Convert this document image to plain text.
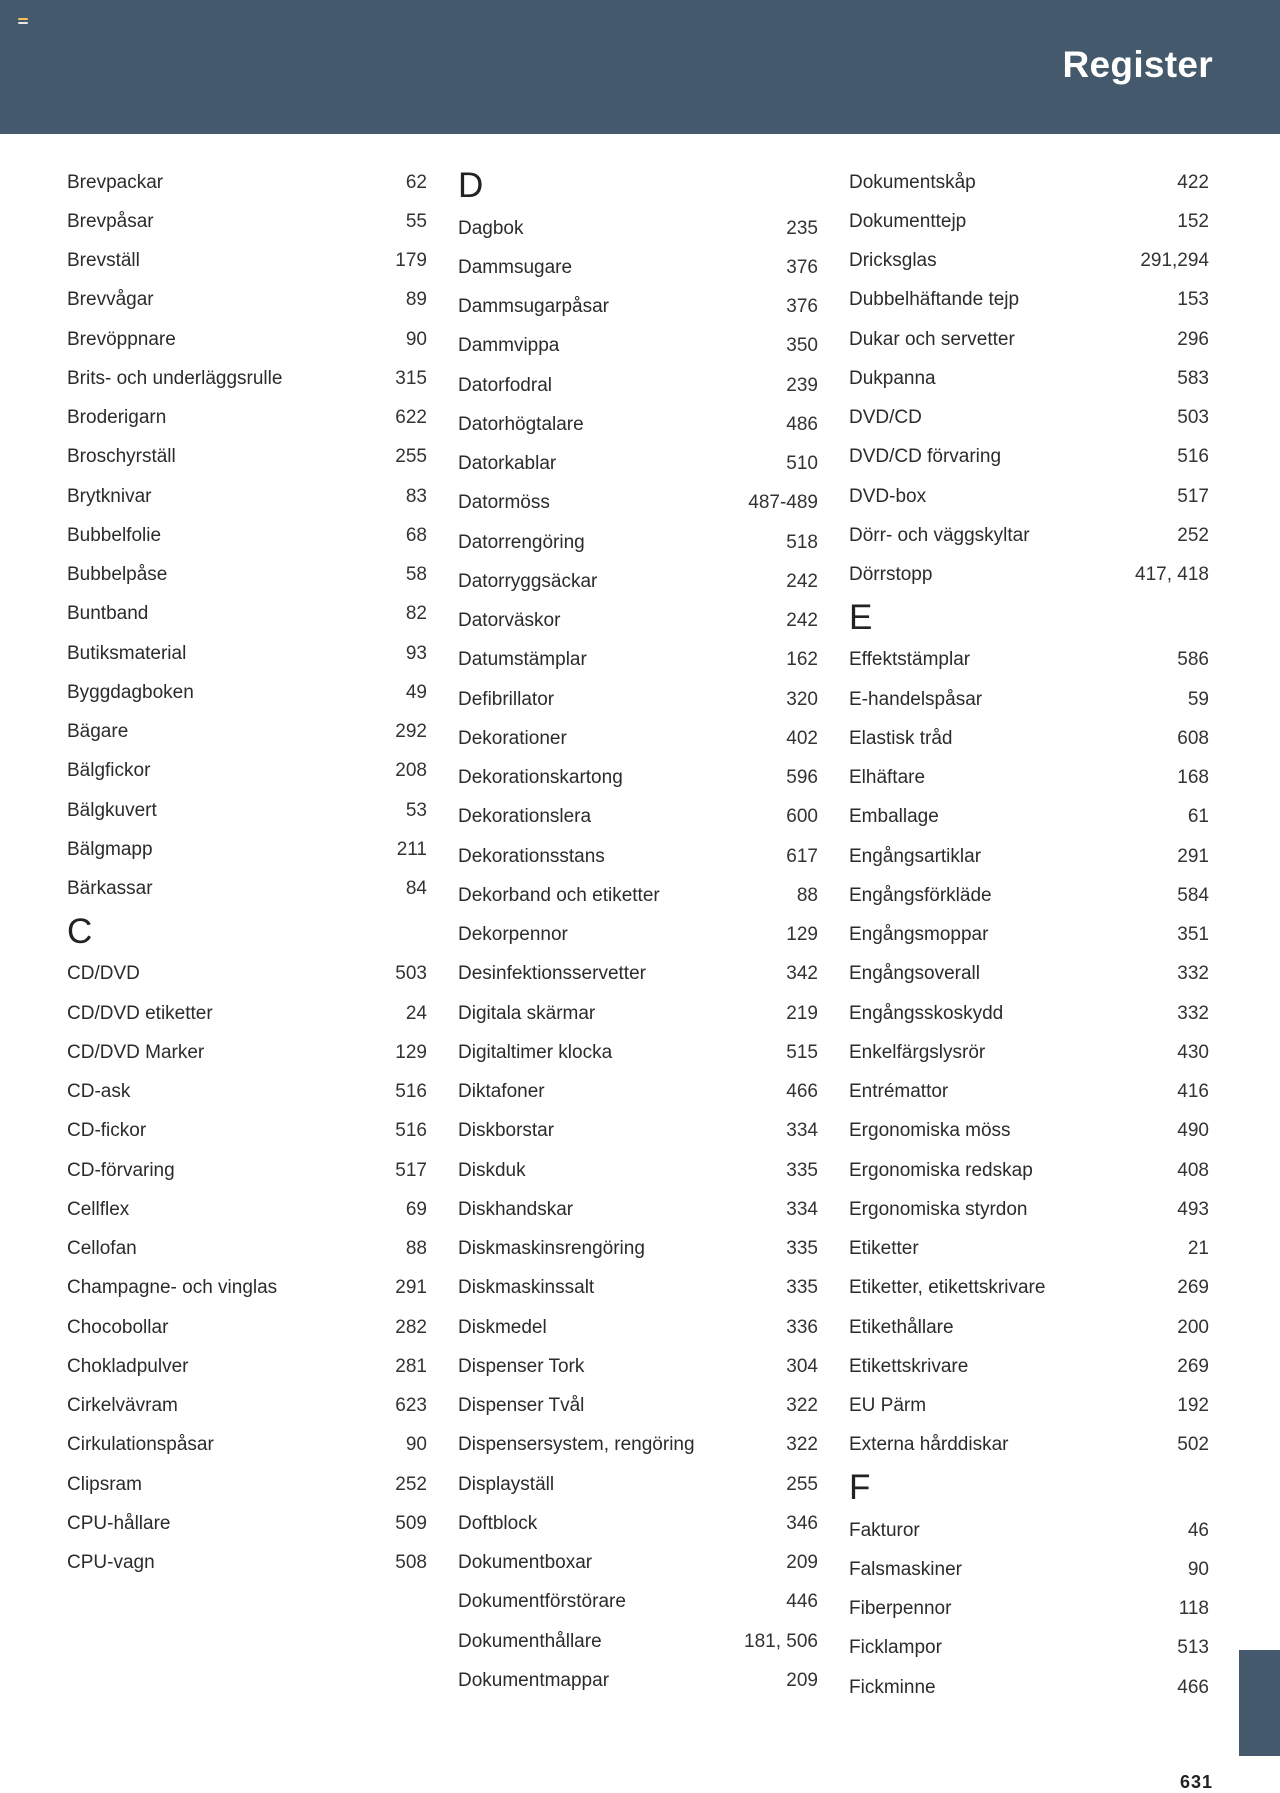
Register
Brevpackar	62
Brevpåsar	55
Brevställ	179
Brevvågar	89
Brevöppnare	90
Brits- och underläggsrulle	315
Broderigarn	622
Broschyrställ	255
Brytknivar	83
Bubbelfolie	68
Bubbelpåse	58
Buntband	82
Butiksmaterial	93
Byggdagboken	49
Bägare	292
Bälgfickor	208
Bälgkuvert	53
Bälgmapp	211
Bärkassar	84
C
CD/DVD	503
CD/DVD etiketter	24
CD/DVD Marker	129
CD-ask	516
CD-fickor	516
CD-förvaring	517
Cellflex	69
Cellofan	88
Champagne- och vinglas	291
Chocobollar	282
Chokladpulver	281
Cirkelvävram	623
Cirkulationspåsar	90
Clipsram	252
CPU-hållare	509
CPU-vagn	508
D
Dagbok	235
Dammsugare	376
Dammsugarpåsar	376
Dammvippa	350
Datorfodral	239
Datorhögtalare	486
Datorkablar	510
Datormöss	487-489
Datorrengöring	518
Datorryggsäckar	242
Datorväskor	242
Datumstämplar	162
Defibrillator	320
Dekorationer	402
Dekorationskartong	596
Dekorationslera	600
Dekorationsstans	617
Dekorband och etiketter	88
Dekorpennor	129
Desinfektionsservetter	342
Digitala skärmar	219
Digitaltimer klocka	515
Diktafoner	466
Diskborstar	334
Diskduk	335
Diskhandskar	334
Diskmaskinsrengöring	335
Diskmaskinssalt	335
Diskmedel	336
Dispenser Tork	304
Dispenser Tvål	322
Dispensersystem, rengöring	322
Displayställ	255
Doftblock	346
Dokumentboxar	209
Dokumentförstörare	446
Dokumenthållare	181, 506
Dokumentmappar	209
Dokumentskåp	422
Dokumenttejp	152
Dricksglas	291,294
Dubbelhäftande tejp	153
Dukar och servetter	296
Dukpanna	583
DVD/CD	503
DVD/CD förvaring	516
DVD-box	517
Dörr- och väggskyltar	252
Dörrstopp	417, 418
E
Effektstämplar	586
E-handelspåsar	59
Elastisk tråd	608
Elhäftare	168
Emballage	61
Engångsartiklar	291
Engångsförkläde	584
Engångsmoppar	351
Engångsoverall	332
Engångsskoskydd	332
Enkelfärgslysrör	430
Entrémattor	416
Ergonomiska möss	490
Ergonomiska redskap	408
Ergonomiska styrdon	493
Etiketter	21
Etiketter, etikettskrivare	269
Etikethållare	200
Etikettskrivare	269
EU Pärm	192
Externa hårddiskar	502
F
Fakturor	46
Falsmaskiner	90
Fiberpennor	118
Ficklampor	513
Fickminne	466
631
